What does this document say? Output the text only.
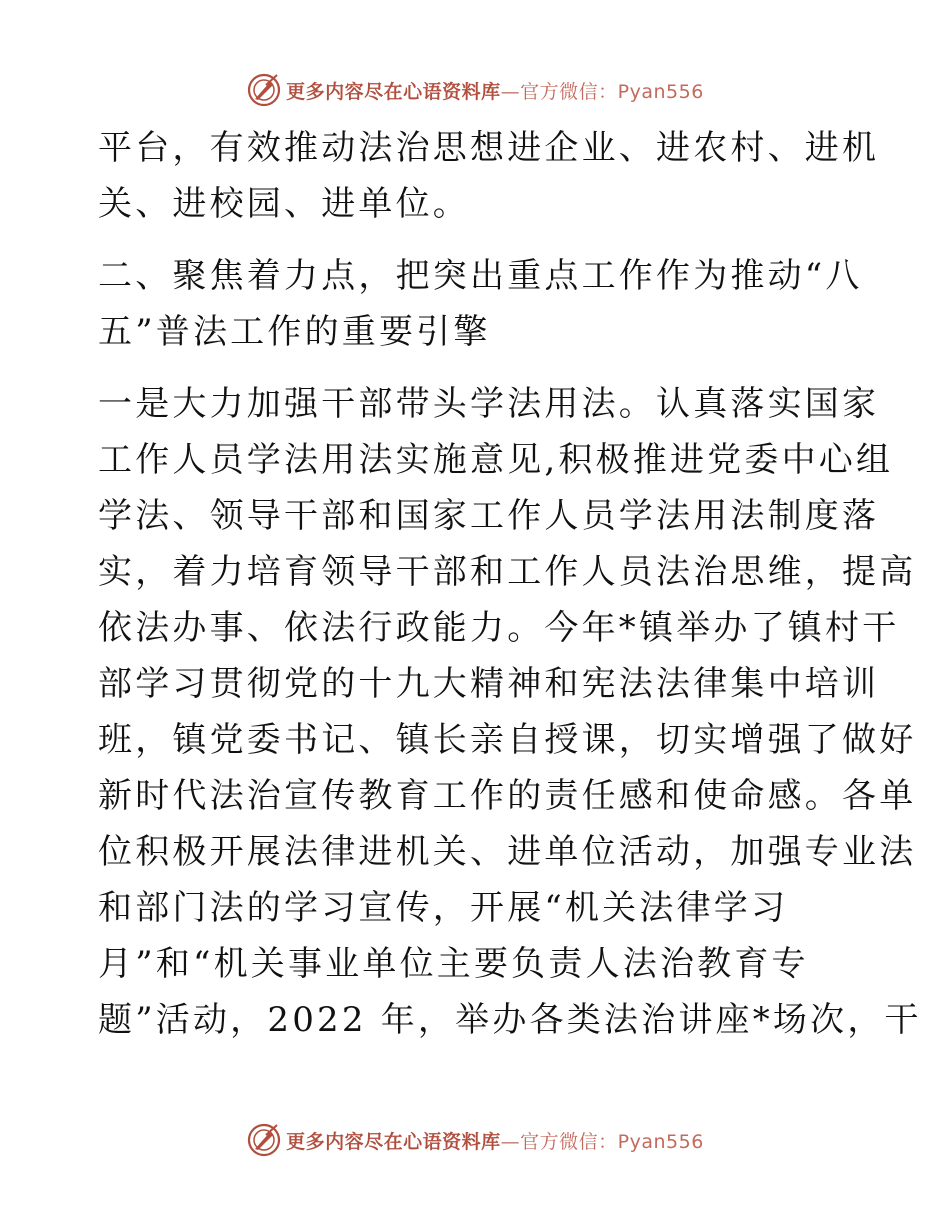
更多内容尽在心语资料库—官方微信：Pyan556
平台，有效推动法治思想进企业、进农村、进机
关、进校园、进单位。
二、聚焦着力点，把突出重点工作作为推动“八
五”普法工作的重要引擎
一是大力加强干部带头学法用法。认真落实国家
工作人员学法用法实施意见,积极推进党委中心组
学法、领导干部和国家工作人员学法用法制度落
实，着力培育领导干部和工作人员法治思维，提高
依法办事、依法行政能力。今年*镇举办了镇村干
部学习贯彻党的十九大精神和宪法法律集中培训
班，镇党委书记、镇长亲自授课，切实增强了做好
新时代法治宣传教育工作的责任感和使命感。各单
位积极开展法律进机关、进单位活动，加强专业法
和部门法的学习宣传，开展“机关法律学习
月”和“机关事业单位主要负责人法治教育专
题”活动，2022 年，举办各类法治讲座*场次，干
更多内容尽在心语资料库—官方微信：Pyan556
